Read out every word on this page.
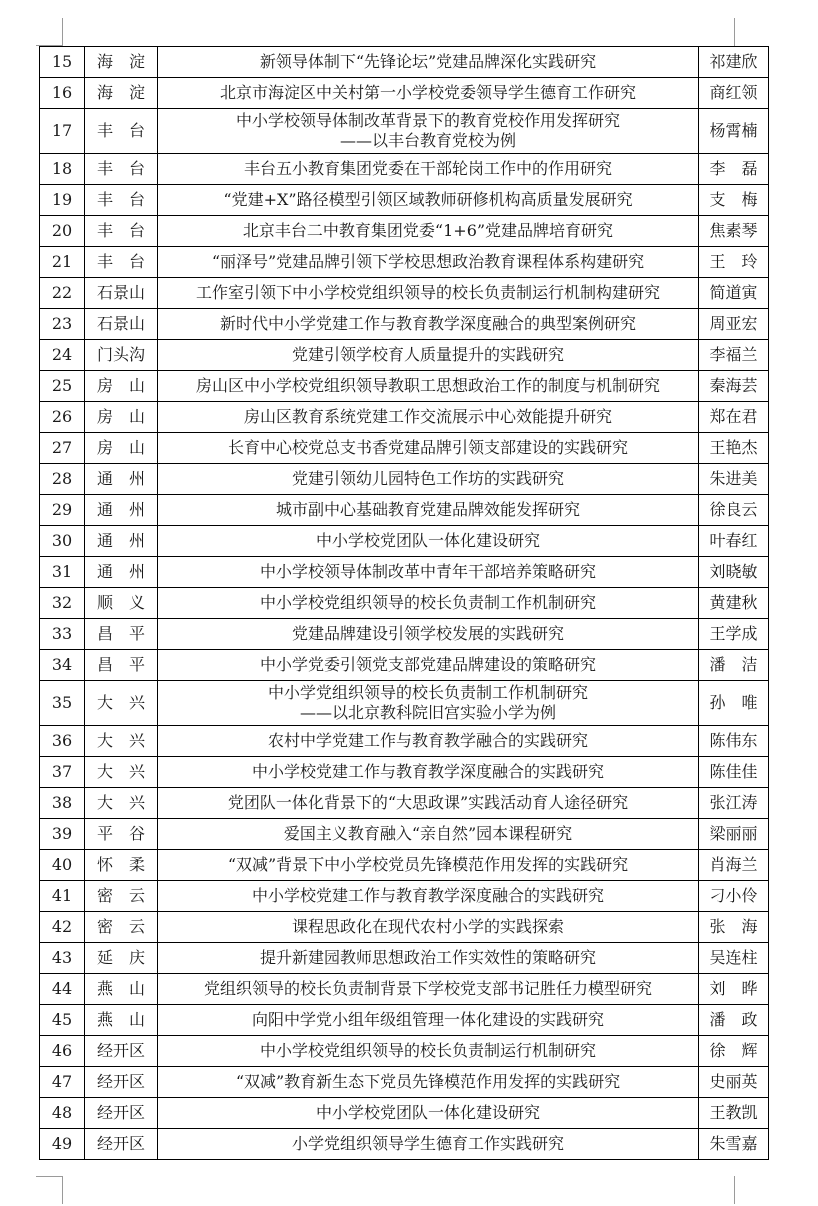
15	海　淀	新领导体制下“先锋论坛”党建品牌深化实践研究	祁建欣
16	海　淀	北京市海淀区中关村第一小学校党委领导学生德育工作研究	商红领
17	丰　台	中小学校领导体制改革背景下的教育党校作用发挥研究
——以丰台教育党校为例	杨霄楠
18	丰　台	丰台五小教育集团党委在干部轮岗工作中的作用研究	李　磊
19	丰　台	“党建+X”路径模型引领区域教师研修机构高质量发展研究	支　梅
20	丰　台	北京丰台二中教育集团党委“1+6”党建品牌培育研究	焦素琴
21	丰　台	“丽泽号”党建品牌引领下学校思想政治教育课程体系构建研究	王　玲
22	石景山	工作室引领下中小学校党组织领导的校长负责制运行机制构建研究	简道寅
23	石景山	新时代中小学党建工作与教育教学深度融合的典型案例研究	周亚宏
24	门头沟	党建引领学校育人质量提升的实践研究	李福兰
25	房　山	房山区中小学校党组织领导教职工思想政治工作的制度与机制研究	秦海芸
26	房　山	房山区教育系统党建工作交流展示中心效能提升研究	郑在君
27	房　山	长育中心校党总支书香党建品牌引领支部建设的实践研究	王艳杰
28	通　州	党建引领幼儿园特色工作坊的实践研究	朱进美
29	通　州	城市副中心基础教育党建品牌效能发挥研究	徐良云
30	通　州	中小学校党团队一体化建设研究	叶春红
31	通　州	中小学校领导体制改革中青年干部培养策略研究	刘晓敏
32	顺　义	中小学校党组织领导的校长负责制工作机制研究	黄建秋
33	昌　平	党建品牌建设引领学校发展的实践研究	王学成
34	昌　平	中小学党委引领党支部党建品牌建设的策略研究	潘　洁
35	大　兴	中小学党组织领导的校长负责制工作机制研究
——以北京教科院旧宫实验小学为例	孙　唯
36	大　兴	农村中学党建工作与教育教学融合的实践研究	陈伟东
37	大　兴	中小学校党建工作与教育教学深度融合的实践研究	陈佳佳
38	大　兴	党团队一体化背景下的“大思政课”实践活动育人途径研究	张江涛
39	平　谷	爱国主义教育融入“亲自然”园本课程研究	梁丽丽
40	怀　柔	“双减”背景下中小学校党员先锋模范作用发挥的实践研究	肖海兰
41	密　云	中小学校党建工作与教育教学深度融合的实践研究	刁小伶
42	密　云	课程思政化在现代农村小学的实践探索	张　海
43	延　庆	提升新建园教师思想政治工作实效性的策略研究	吴连柱
44	燕　山	党组织领导的校长负责制背景下学校党支部书记胜任力模型研究	刘　晔
45	燕　山	向阳中学党小组年级组管理一体化建设的实践研究	潘　政
46	经开区	中小学校党组织领导的校长负责制运行机制研究	徐　辉
47	经开区	“双减”教育新生态下党员先锋模范作用发挥的实践研究	史丽英
48	经开区	中小学校党团队一体化建设研究	王教凯
49	经开区	小学党组织领导学生德育工作实践研究	朱雪嘉
